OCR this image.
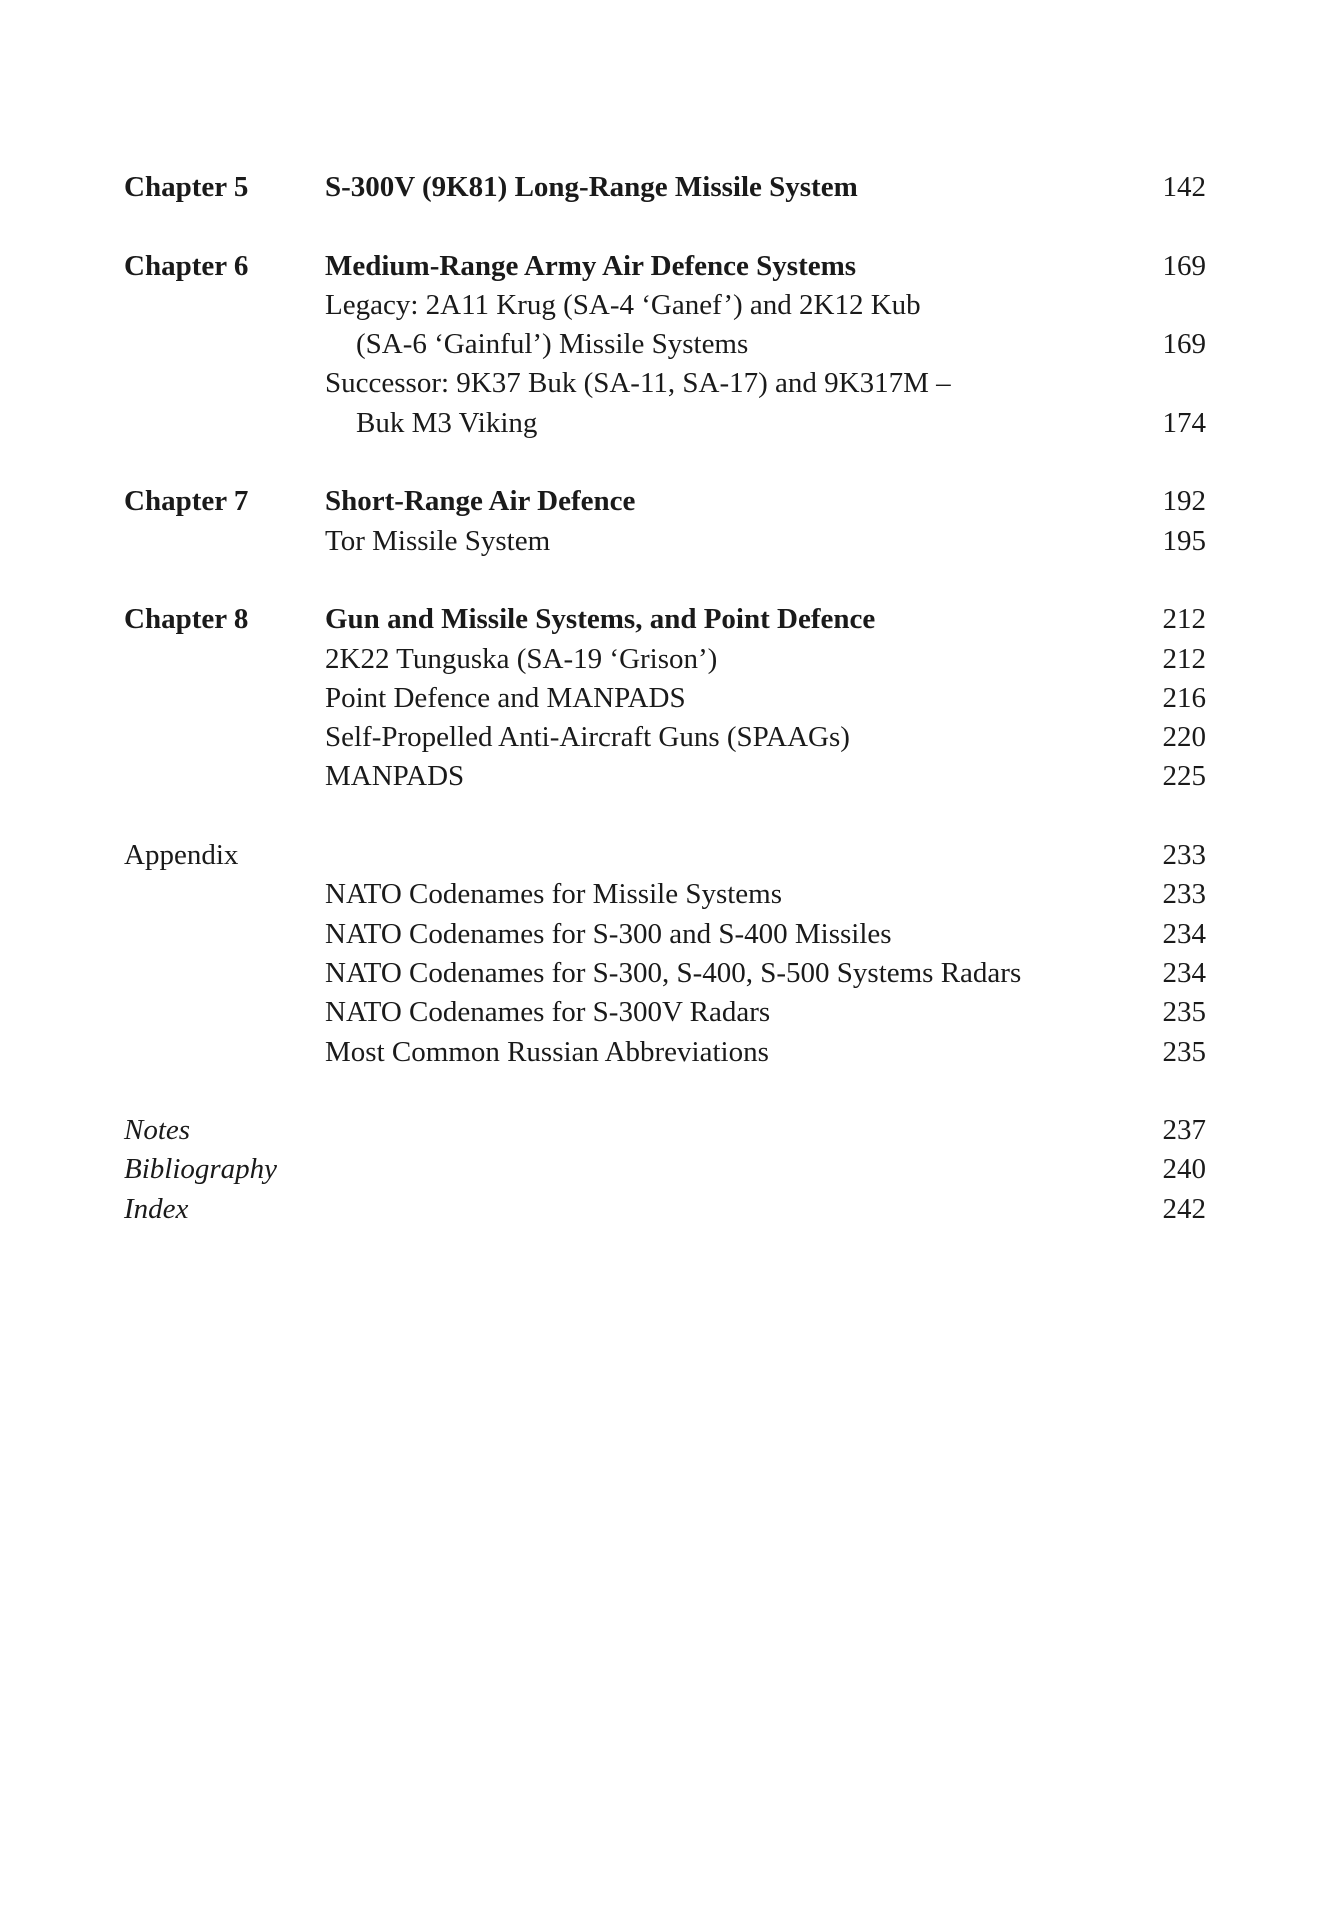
Chapter 5	S-300V (9K81) Long-Range Missile System	142
Chapter 6	Medium-Range Army Air Defence Systems	169
Legacy: 2A11 Krug (SA-4 ‘Ganef’) and 2K12 Kub
(SA-6 ‘Gainful’) Missile Systems	169
Successor: 9K37 Buk (SA-11, SA-17) and 9K317M –
Buk M3 Viking	174
Chapter 7	Short-Range Air Defence	192
Tor Missile System	195
Chapter 8	Gun and Missile Systems, and Point Defence	212
2K22 Tunguska (SA-19 ‘Grison’)	212
Point Defence and MANPADS	216
Self-Propelled Anti-Aircraft Guns (SPAAGs)	220
MANPADS	225
Appendix	233
NATO Codenames for Missile Systems	233
NATO Codenames for S-300 and S-400 Missiles	234
NATO Codenames for S-300, S-400, S-500 Systems Radars	234
NATO Codenames for S-300V Radars	235
Most Common Russian Abbreviations	235
Notes	237
Bibliography	240
Index	242
